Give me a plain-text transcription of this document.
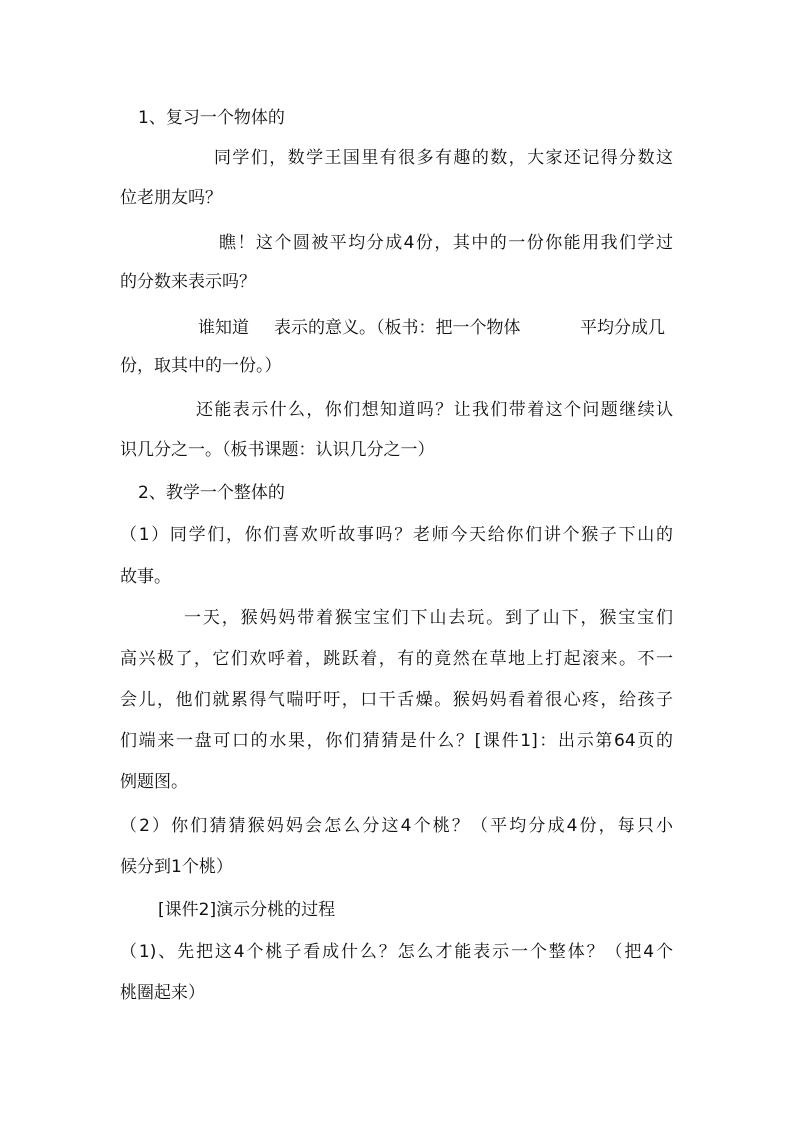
1、复习一个物体的
同学们，数学王国里有很多有趣的数，大家还记得分数这
位老朋友吗？
瞧！这个圆被平均分成4份，其中的一份你能用我们学过
的分数来表示吗？
谁知道 表示的意义。（板书：把一个物体	平均分成几
份，取其中的一份。）
还能表示什么，你们想知道吗？让我们带着这个问题继续认
识几分之一。（板书课题：认识几分之一）
2、教学一个整体的
（1）同学们，你们喜欢听故事吗？老师今天给你们讲个猴子下山的
故事。
一天，猴妈妈带着猴宝宝们下山去玩。到了山下，猴宝宝们
高兴极了，它们欢呼着，跳跃着，有的竟然在草地上打起滚来。不一
会儿，他们就累得气喘吁吁，口干舌燥。猴妈妈看着很心疼，给孩子
们端来一盘可口的水果，你们猜猜是什么？[课件1]：出示第64页的
例题图。
（2）你们猜猜猴妈妈会怎么分这4个桃？（平均分成4份，每只小
候分到1个桃）
[课件2]演示分桃的过程
（1)、先把这4个桃子看成什么？怎么才能表示一个整体？（把4个
桃圈起来）
